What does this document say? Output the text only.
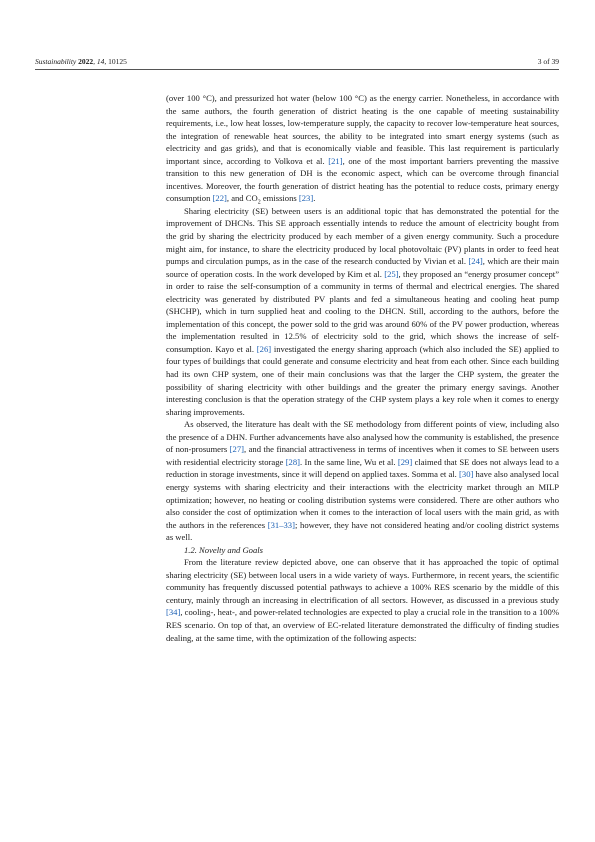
Sustainability 2022, 14, 10125	3 of 39

(over 100 °C), and pressurized hot water (below 100 °C) as the energy carrier. Nonetheless, in accordance with the same authors, the fourth generation of district heating is the one capable of meeting sustainability requirements, i.e., low heat losses, low-temperature supply, the capacity to recover low-temperature heat sources, the integration of renewable heat sources, the ability to be integrated into smart energy systems (such as electricity and gas grids), and that is economically viable and feasible. This last requirement is particularly important since, according to Volkova et al. [21], one of the most important barriers preventing the massive transition to this new generation of DH is the economic aspect, which can be overcome through financial incentives. Moreover, the fourth generation of district heating has the potential to reduce costs, primary energy consumption [22], and $CO_2$ emissions [23].

Sharing electricity (SE) between users is an additional topic that has demonstrated the potential for the improvement of DHCNs. This SE approach essentially intends to reduce the amount of electricity bought from the grid by sharing the electricity produced by each member of a given energy community. Such a procedure might aim, for instance, to share the electricity produced by local photovoltaic (PV) plants in order to feed heat pumps and circulation pumps, as in the case of the research conducted by Vivian et al. [24], which are their main source of operation costs. In the work developed by Kim et al. [25], they proposed an “energy prosumer concept” in order to raise the self-consumption of a community in terms of thermal and electrical energies. The shared electricity was generated by distributed PV plants and fed a simultaneous heating and cooling heat pump (SHCHP), which in turn supplied heat and cooling to the DHCN. Still, according to the authors, before the implementation of this concept, the power sold to the grid was around 60% of the PV power production, whereas the implementation resulted in 12.5% of electricity sold to the grid, which shows the increase of self-consumption. Kayo et al. [26] investigated the energy sharing approach (which also included the SE) applied to four types of buildings that could generate and consume electricity and heat from each other. Since each building had its own CHP system, one of their main conclusions was that the larger the CHP system, the greater the possibility of sharing electricity with other buildings and the greater the primary energy savings. Another interesting conclusion is that the operation strategy of the CHP system plays a key role when it comes to energy sharing improvements.

As observed, the literature has dealt with the SE methodology from different points of view, including also the presence of a DHN. Further advancements have also analysed how the community is established, the presence of non-prosumers [27], and the financial attractiveness in terms of incentives when it comes to SE between users with residential electricity storage [28]. In the same line, Wu et al. [29] claimed that SE does not always lead to a reduction in storage investments, since it will depend on applied taxes. Somma et al. [30] have also analysed local energy systems with sharing electricity and their interactions with the electricity market through an MILP optimization; however, no heating or cooling distribution systems were considered. There are other authors who also consider the cost of optimization when it comes to the interaction of local users with the main grid, as with the authors in the references [31–33]; however, they have not considered heating and/or cooling district systems as well.

1.2. Novelty and Goals

From the literature review depicted above, one can observe that it has approached the topic of optimal sharing electricity (SE) between local users in a wide variety of ways. Furthermore, in recent years, the scientific community has frequently discussed potential pathways to achieve a 100% RES scenario by the middle of this century, mainly through an increasing in electrification of all sectors. However, as discussed in a previous study [34], cooling-, heat-, and power-related technologies are expected to play a crucial role in the transition to a 100% RES scenario. On top of that, an overview of EC-related literature demonstrated the difficulty of finding studies dealing, at the same time, with the optimization of the following aspects:
